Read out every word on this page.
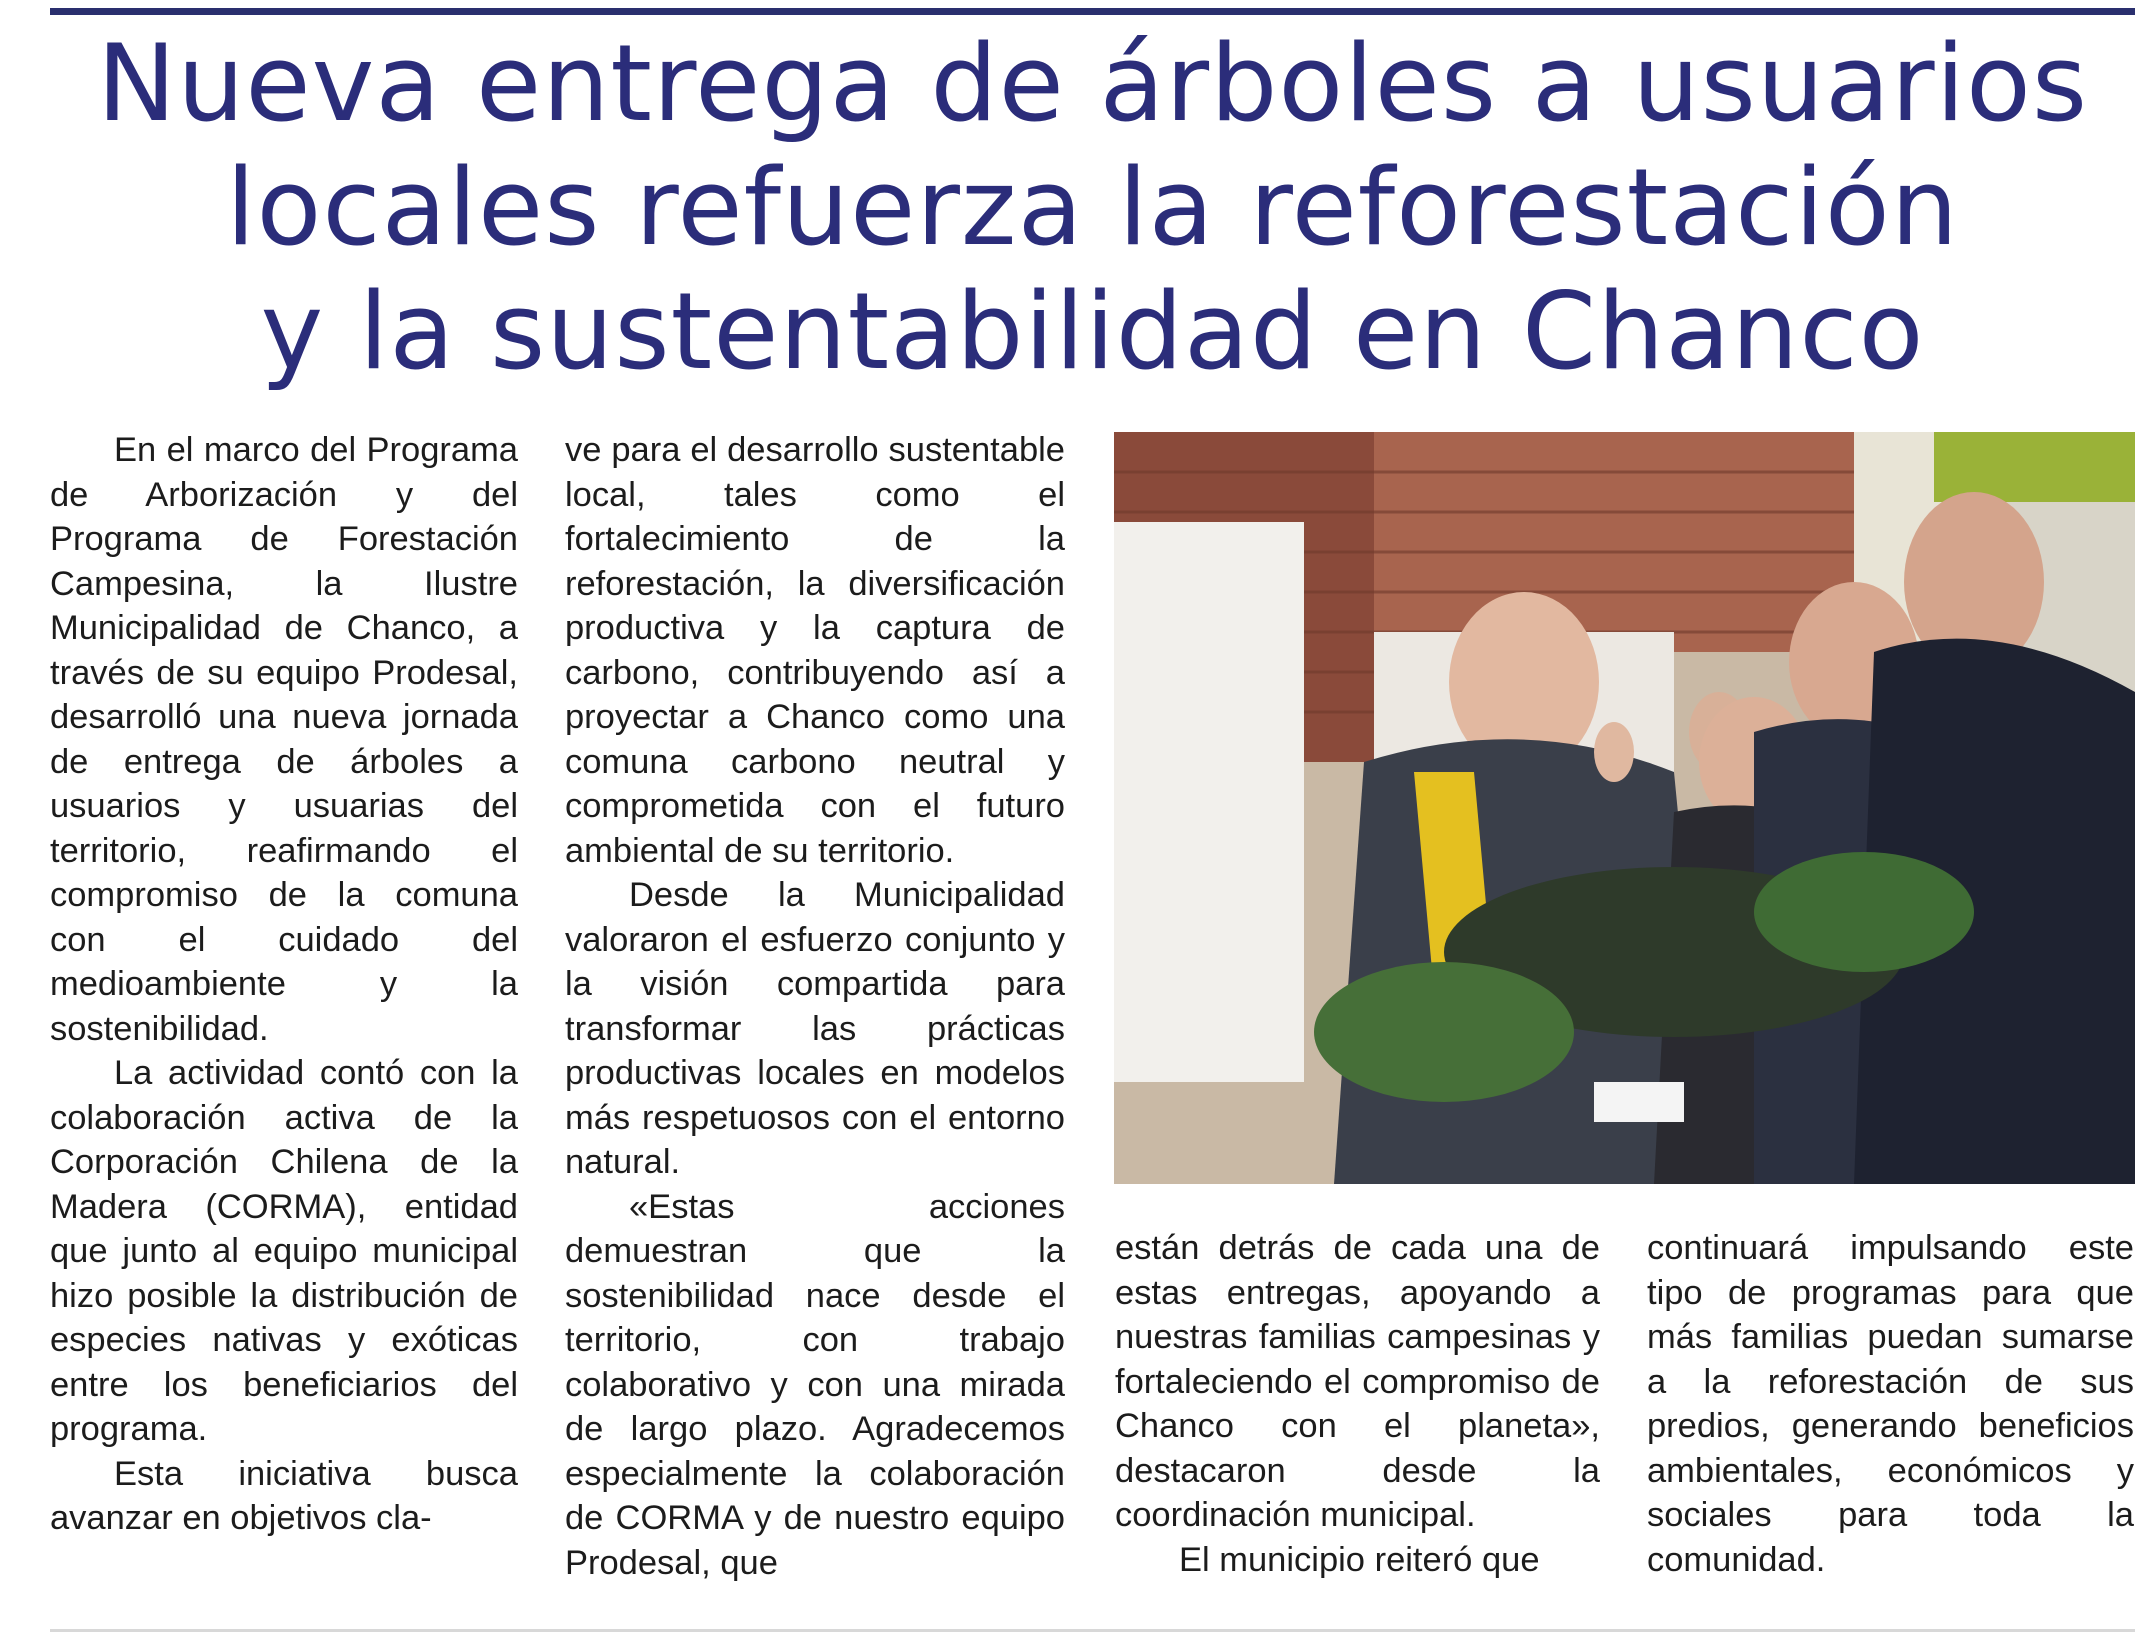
Nueva entrega de árboles a usuarios
locales refuerza la reforestación
y la sustentabilidad en Chanco

En el marco del Programa de Arborización y del Programa de Forestación Campesina, la Ilustre Municipalidad de Chanco, a través de su equipo Prodesal, desarrolló una nueva jornada de entrega de árboles a usuarios y usuarias del territorio, reafirmando el compromiso de la comuna con el cuidado del medioambiente y la sostenibilidad.

La actividad contó con la colaboración activa de la Corporación Chilena de la Madera (CORMA), entidad que junto al equipo municipal hizo posible la distribución de especies nativas y exóticas entre los beneficiarios del programa.

Esta iniciativa busca avanzar en objetivos cla-

ve para el desarrollo sustentable local, tales como el fortalecimiento de la reforestación, la diversificación productiva y la captura de carbono, contribuyendo así a proyectar a Chanco como una comuna carbono neutral y comprometida con el futuro ambiental de su territorio.

Desde la Municipalidad valoraron el esfuerzo conjunto y la visión compartida para transformar las prácticas productivas locales en modelos más respetuosos con el entorno natural.

«Estas acciones demuestran que la sostenibilidad nace desde el territorio, con trabajo colaborativo y con una mirada de largo plazo. Agradecemos especialmente la colaboración de CORMA y de nuestro equipo Prodesal, que

están detrás de cada una de estas entregas, apoyando a nuestras familias campesinas y fortaleciendo el compromiso de Chanco con el planeta», destacaron desde la coordinación municipal.

El municipio reiteró que

continuará impulsando este tipo de programas para que más familias puedan sumarse a la reforestación de sus predios, generando beneficios ambientales, económicos y sociales para toda la comunidad.
